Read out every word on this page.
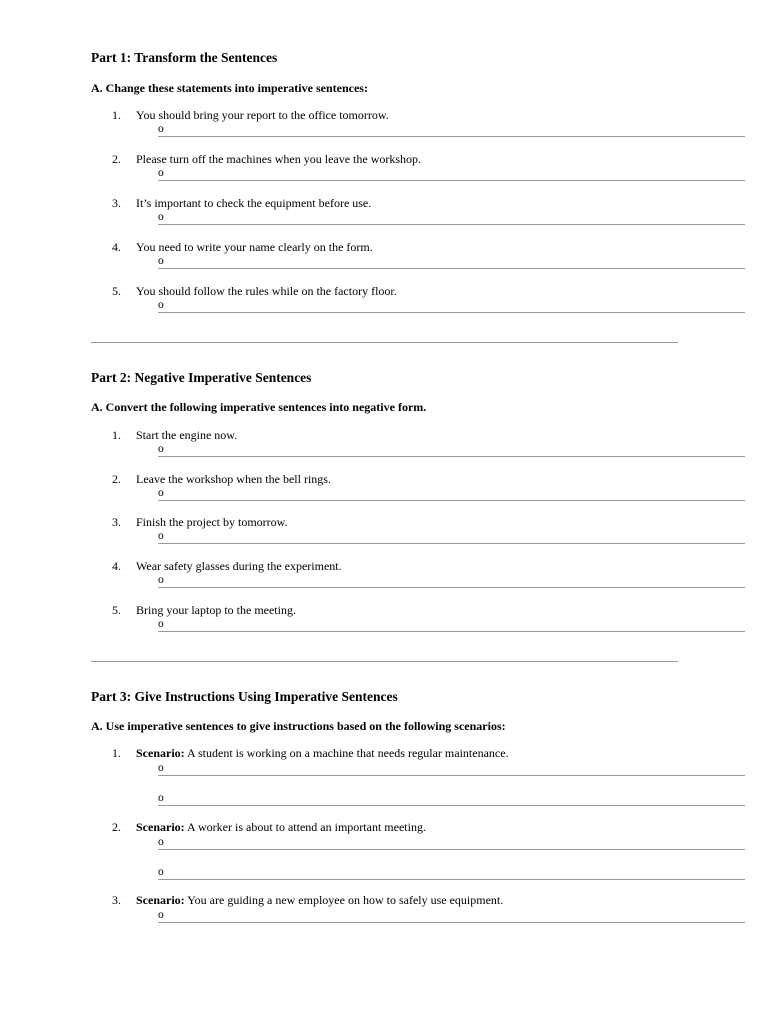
Part 1: Transform the Sentences
A. Change these statements into imperative sentences:
1.	You should bring your report to the office tomorrow.
o
2.	Please turn off the machines when you leave the workshop.
o
3.	It’s important to check the equipment before use.
o
4.	You need to write your name clearly on the form.
o
5.	You should follow the rules while on the factory floor.
o
Part 2: Negative Imperative Sentences
A. Convert the following imperative sentences into negative form.
1.	Start the engine now.
o
2.	Leave the workshop when the bell rings.
o
3.	Finish the project by tomorrow.
o
4.	Wear safety glasses during the experiment.
o
5.	Bring your laptop to the meeting.
o
Part 3: Give Instructions Using Imperative Sentences
A. Use imperative sentences to give instructions based on the following scenarios:
1.	Scenario: A student is working on a machine that needs regular maintenance.
o
o
2.	Scenario: A worker is about to attend an important meeting.
o
o
3.	Scenario: You are guiding a new employee on how to safely use equipment.
o
